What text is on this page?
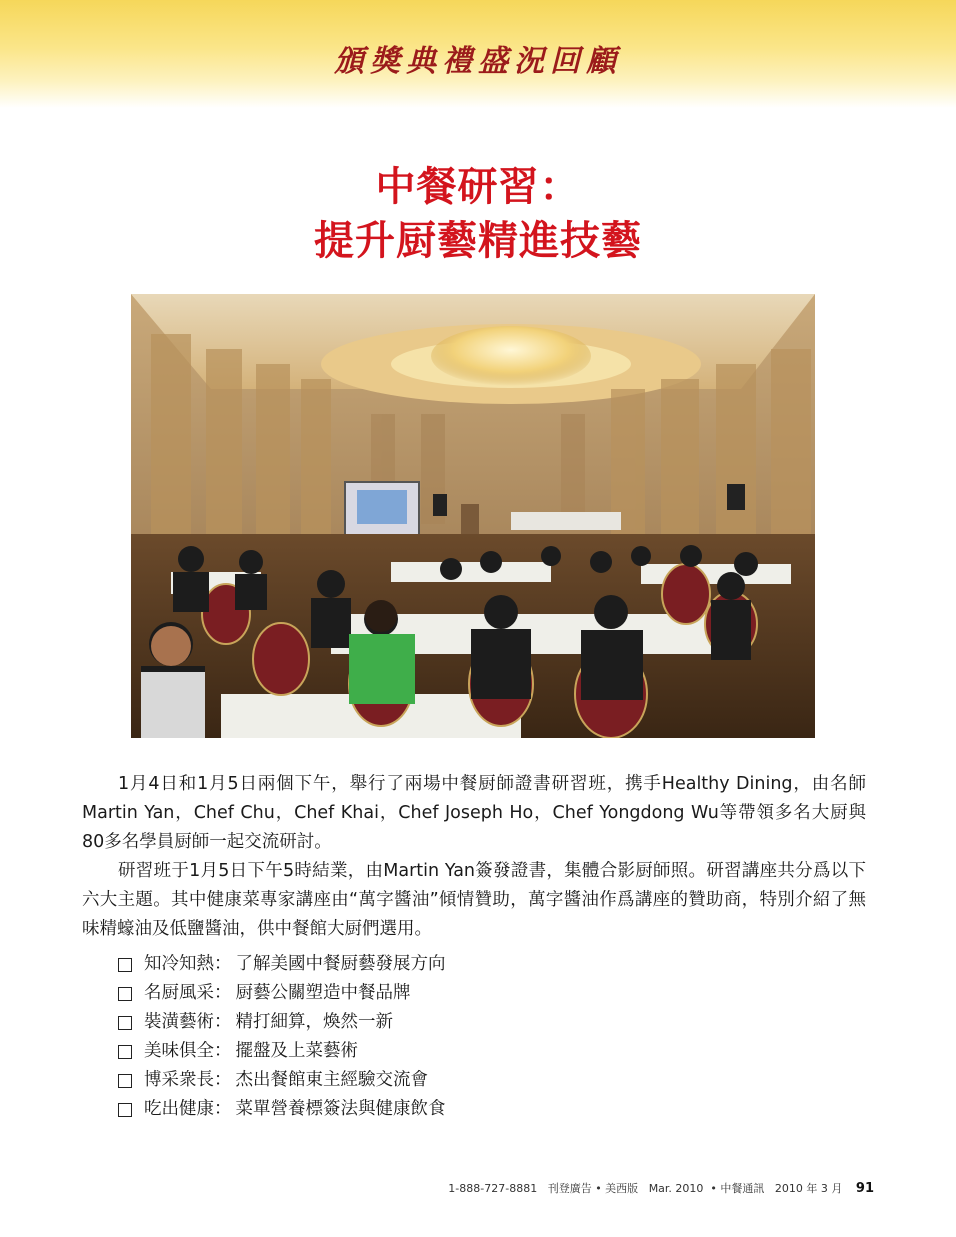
頒獎典禮盛況回顧
中餐研習：
提升厨藝精進技藝

1月4日和1月5日兩個下午，舉行了兩場中餐厨師證書研習班，携手Healthy Dining，由名師Martin Yan，Chef Chu，Chef Khai，Chef Joseph Ho，Chef Yongdong Wu等帶領多名大厨與80多名學員厨師一起交流研討。

研習班于1月5日下午5時結業，由Martin Yan簽發證書，集體合影厨師照。研習講座共分爲以下六大主題。其中健康菜專家講座由“萬字醬油”傾情贊助，萬字醬油作爲講座的贊助商，特別介紹了無味精蠔油及低鹽醬油，供中餐館大厨們選用。

知冷知熱 ： 了解美國中餐厨藝發展方向
名厨風采 ： 厨藝公關塑造中餐品牌
裝潢藝術 ： 精打細算，煥然一新
美味俱全 ： 擺盤及上菜藝術
博采衆長 ： 杰出餐館東主經驗交流會
吃出健康 ： 菜單營養標簽法與健康飲食
1-888-727-8881 刊登廣告 • 美西版 Mar. 2010 • 中餐通訊 2010 年 3 月 91
